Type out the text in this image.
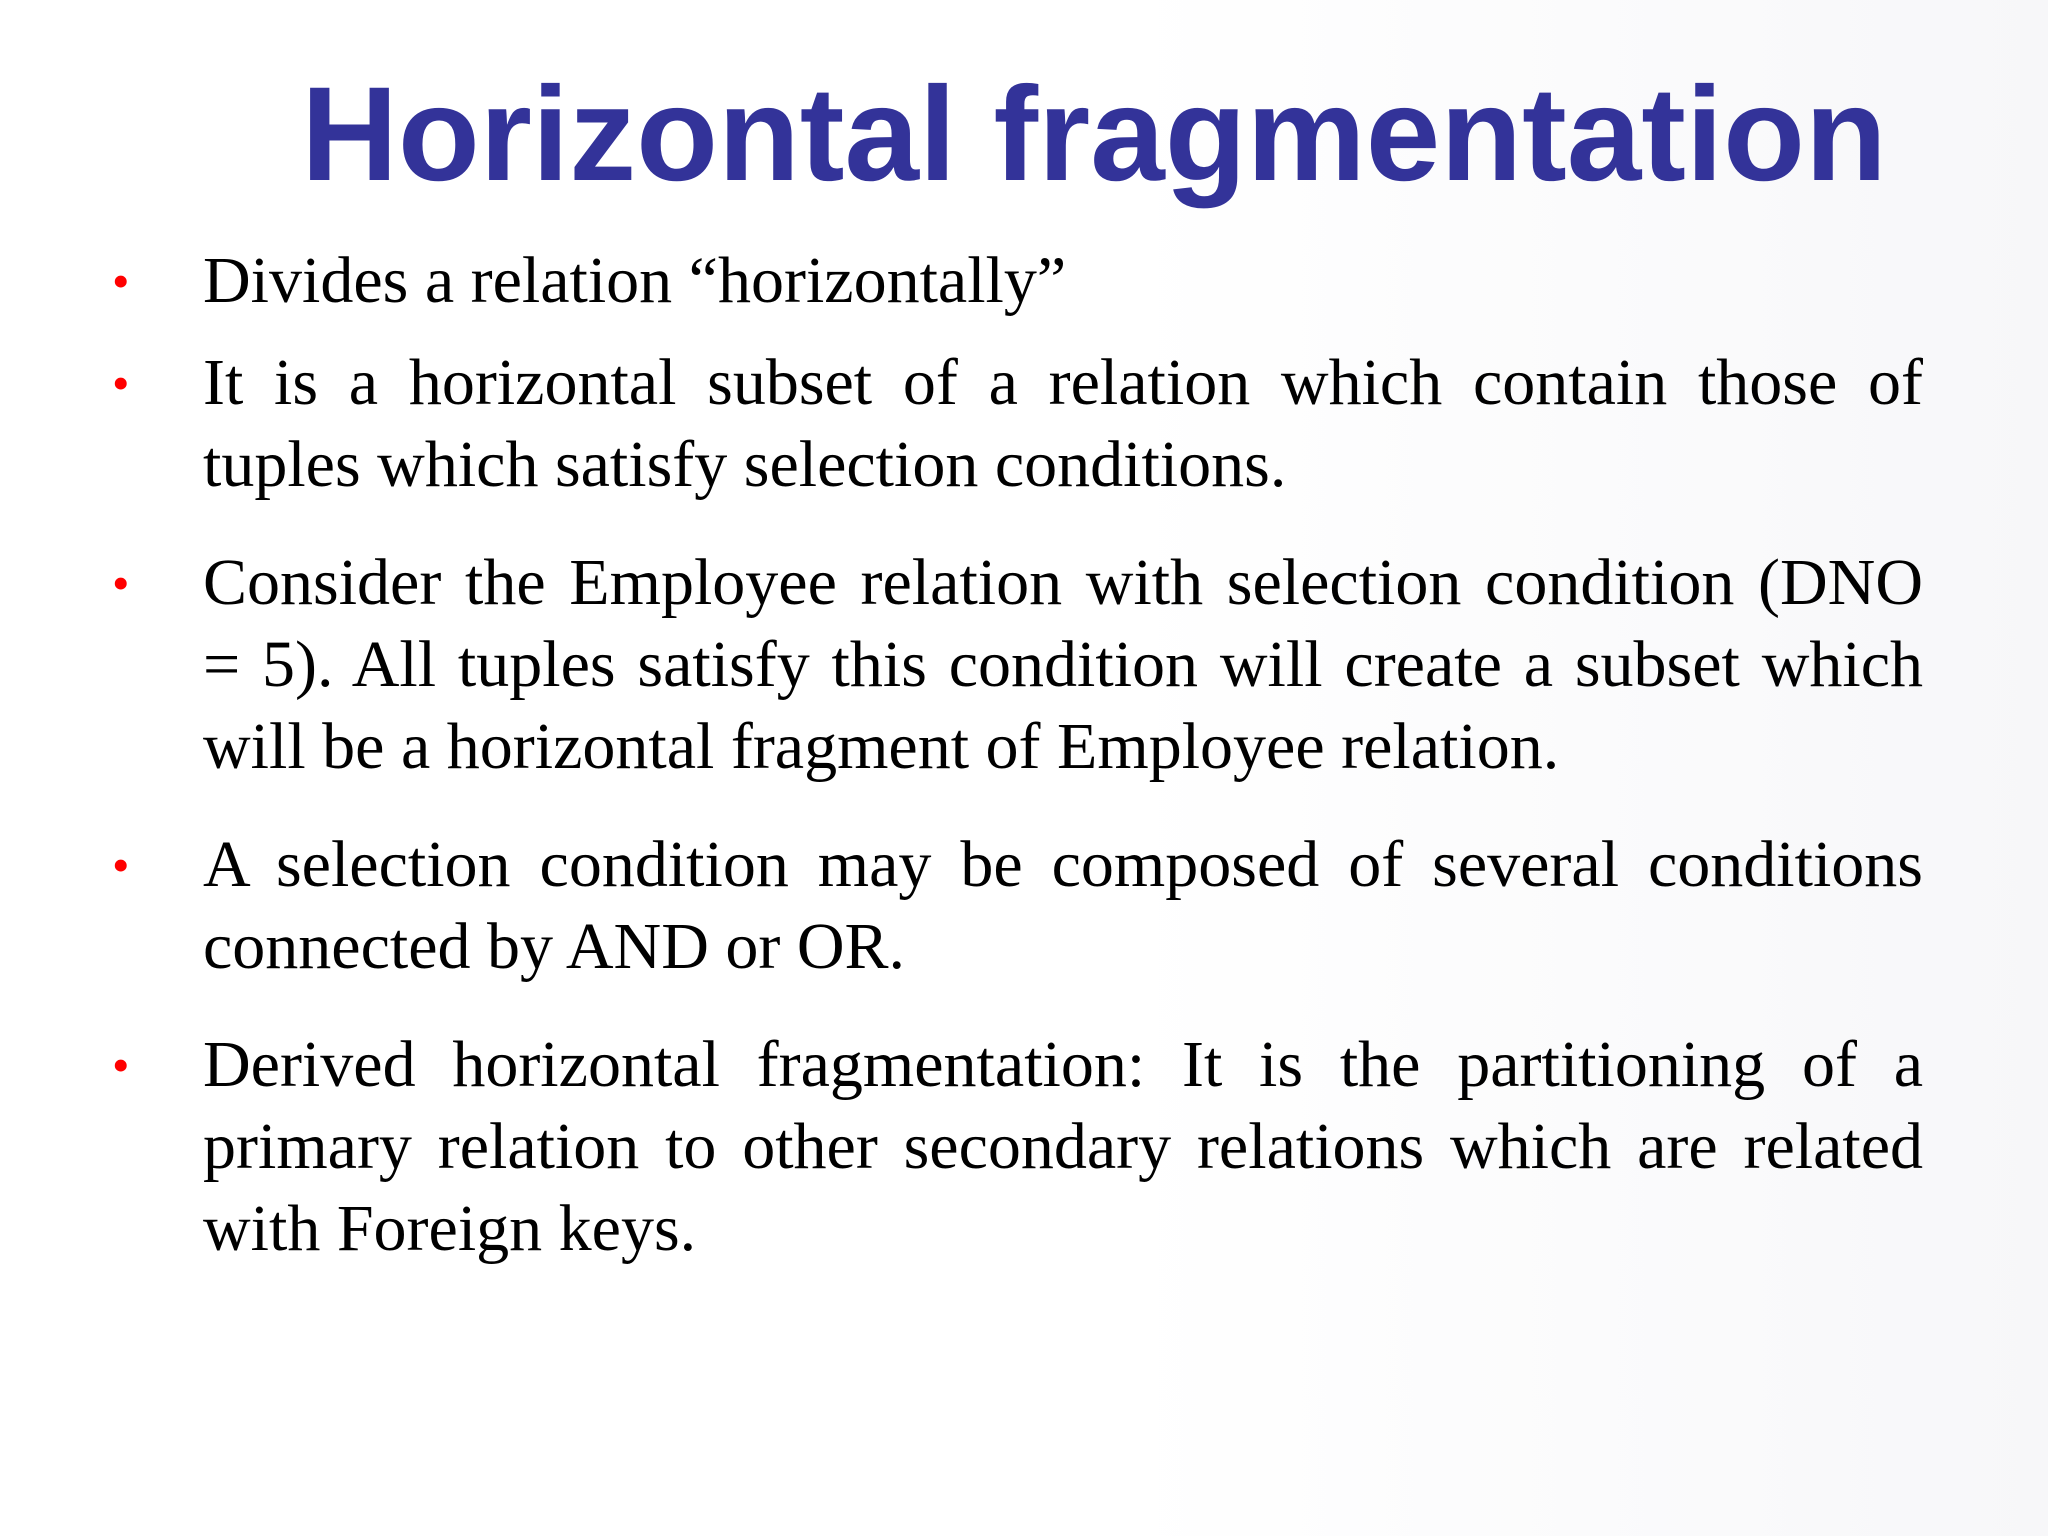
Horizontal fragmentation
• Divides a relation “horizontally”
• It is a horizontal subset of a relation which contain those of tuples which satisfy selection conditions.
• Consider the Employee relation with selection condition (DNO = 5). All tuples satisfy this condition will create a subset which will be a horizontal fragment of Employee relation.
• A selection condition may be composed of several conditions connected by AND or OR.
• Derived horizontal fragmentation: It is the partitioning of a primary relation to other secondary relations which are related with Foreign keys.
